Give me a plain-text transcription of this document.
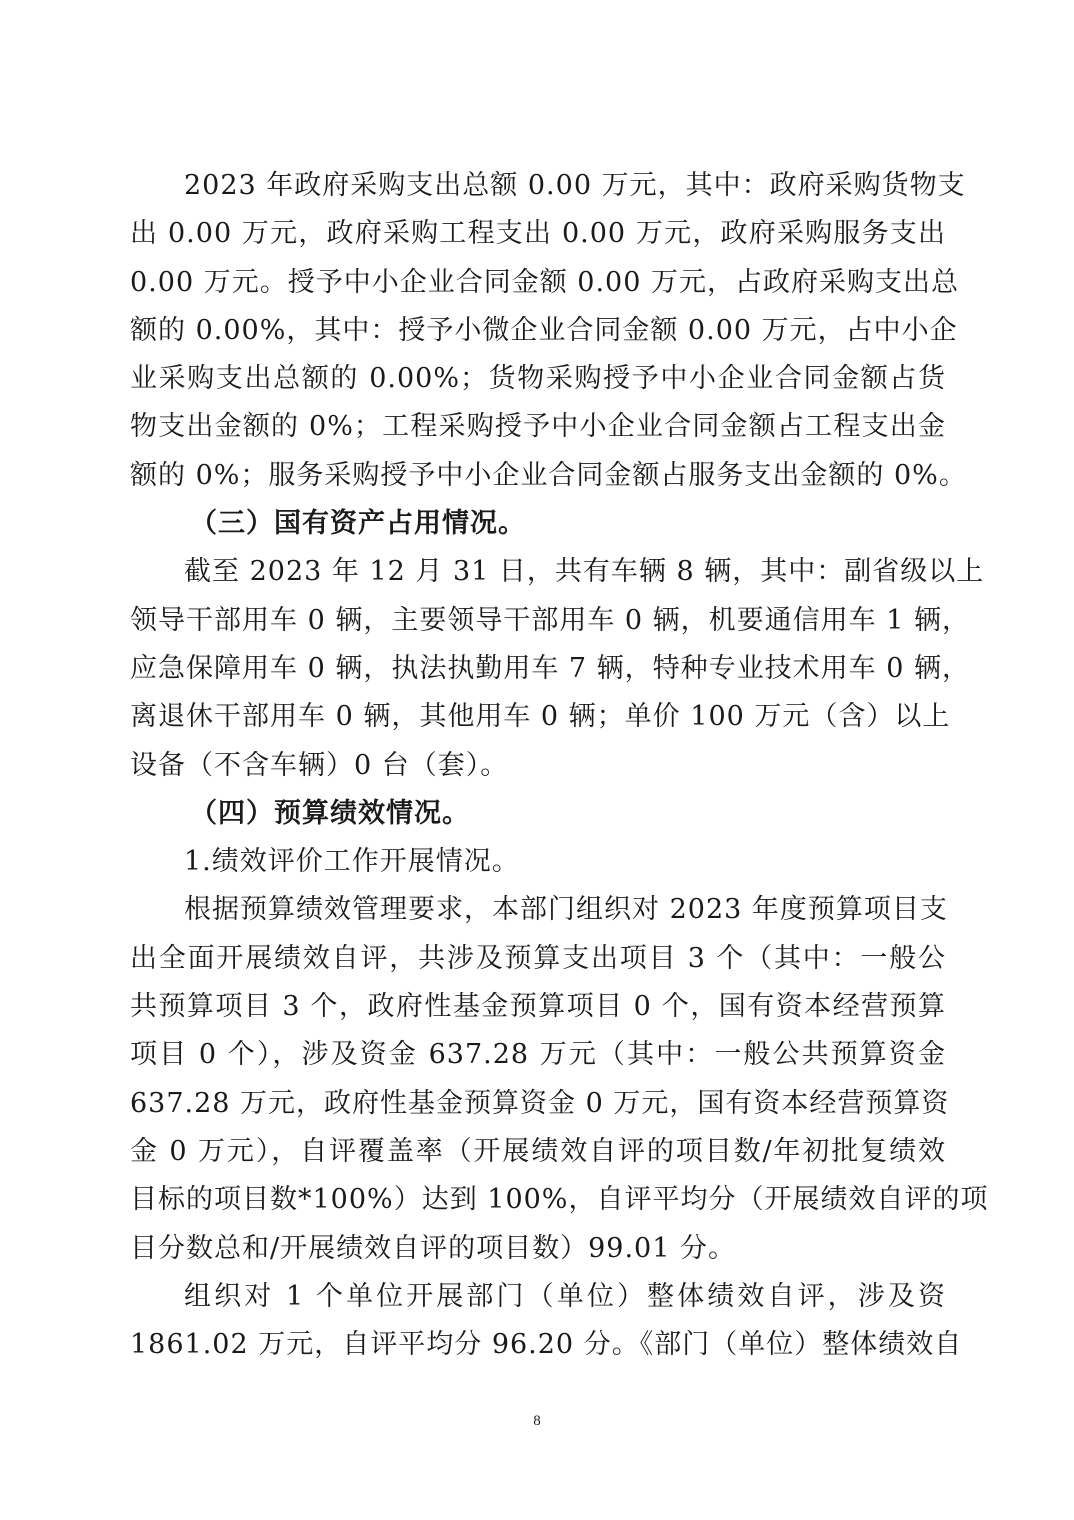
2023 年政府采购支出总额 0.00 万元，其中：政府采购货物支
出 0.00 万元，政府采购工程支出 0.00 万元，政府采购服务支出
0.00 万元。授予中小企业合同金额 0.00 万元，占政府采购支出总
额的 0.00%，其中：授予小微企业合同金额 0.00 万元，占中小企
业采购支出总额的 0.00%；货物采购授予中小企业合同金额占货
物支出金额的 0%；工程采购授予中小企业合同金额占工程支出金
额的 0%；服务采购授予中小企业合同金额占服务支出金额的 0%。
（三）国有资产占用情况。
截至 2023 年 12 月 31 日，共有车辆 8 辆，其中：副省级以上
领导干部用车 0 辆，主要领导干部用车 0 辆，机要通信用车 1 辆，
应急保障用车 0 辆，执法执勤用车 7 辆，特种专业技术用车 0 辆，
离退休干部用车 0 辆，其他用车 0 辆；单价 100 万元（含）以上
设备（不含车辆）0 台（套）。
（四）预算绩效情况。
1.绩效评价工作开展情况。
根据预算绩效管理要求，本部门组织对 2023 年度预算项目支
出全面开展绩效自评，共涉及预算支出项目 3 个（其中：一般公
共预算项目 3 个，政府性基金预算项目 0 个，国有资本经营预算
项目 0 个），涉及资金 637.28 万元（其中：一般公共预算资金
637.28 万元，政府性基金预算资金 0 万元，国有资本经营预算资
金 0 万元），自评覆盖率（开展绩效自评的项目数/年初批复绩效
目标的项目数*100%）达到 100%，自评平均分（开展绩效自评的项
目分数总和/开展绩效自评的项目数）99.01 分。
组织对 1 个单位开展部门（单位）整体绩效自评，涉及资
1861.02 万元，自评平均分 96.20 分。《部门（单位）整体绩效自
8
